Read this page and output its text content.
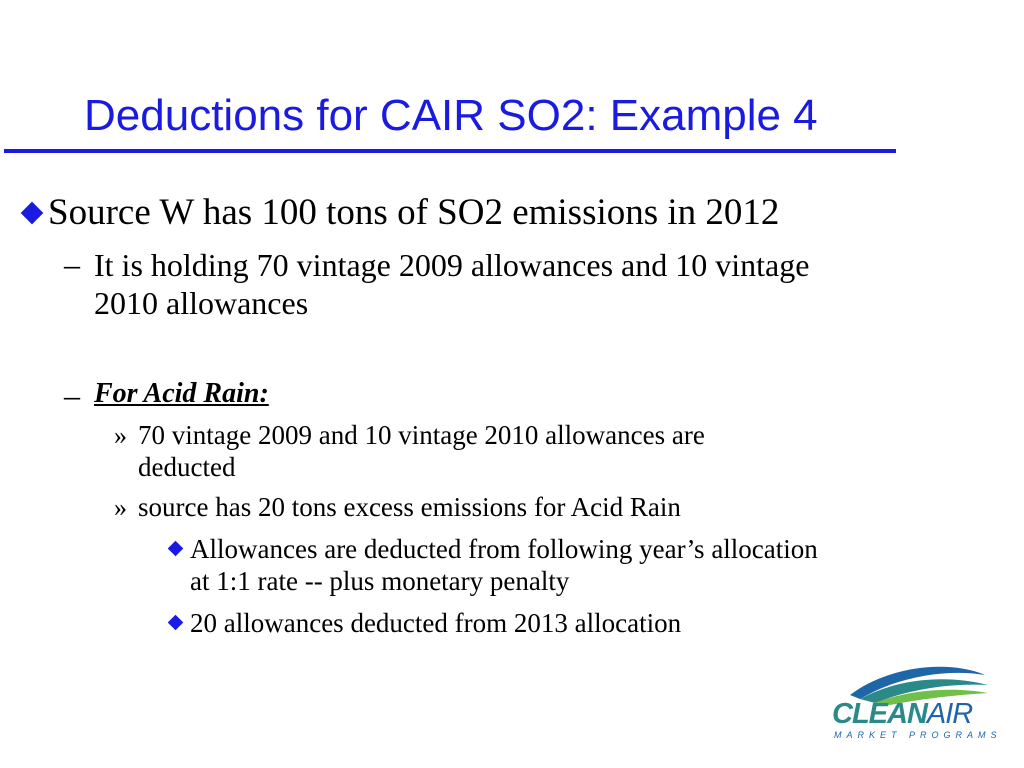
Deductions for CAIR SO2: Example 4
Source W has 100 tons of SO2 emissions in 2012
– It is holding 70 vintage 2009 allowances and 10 vintage
2010 allowances
– For Acid Rain:
» 70 vintage 2009 and 10 vintage 2010 allowances are
deducted
» source has 20 tons excess emissions for Acid Rain
Allowances are deducted from following year’s allocation
at 1:1 rate -- plus monetary penalty
20 allowances deducted from 2013 allocation
CLEANAIR
MARKET PROGRAMS
